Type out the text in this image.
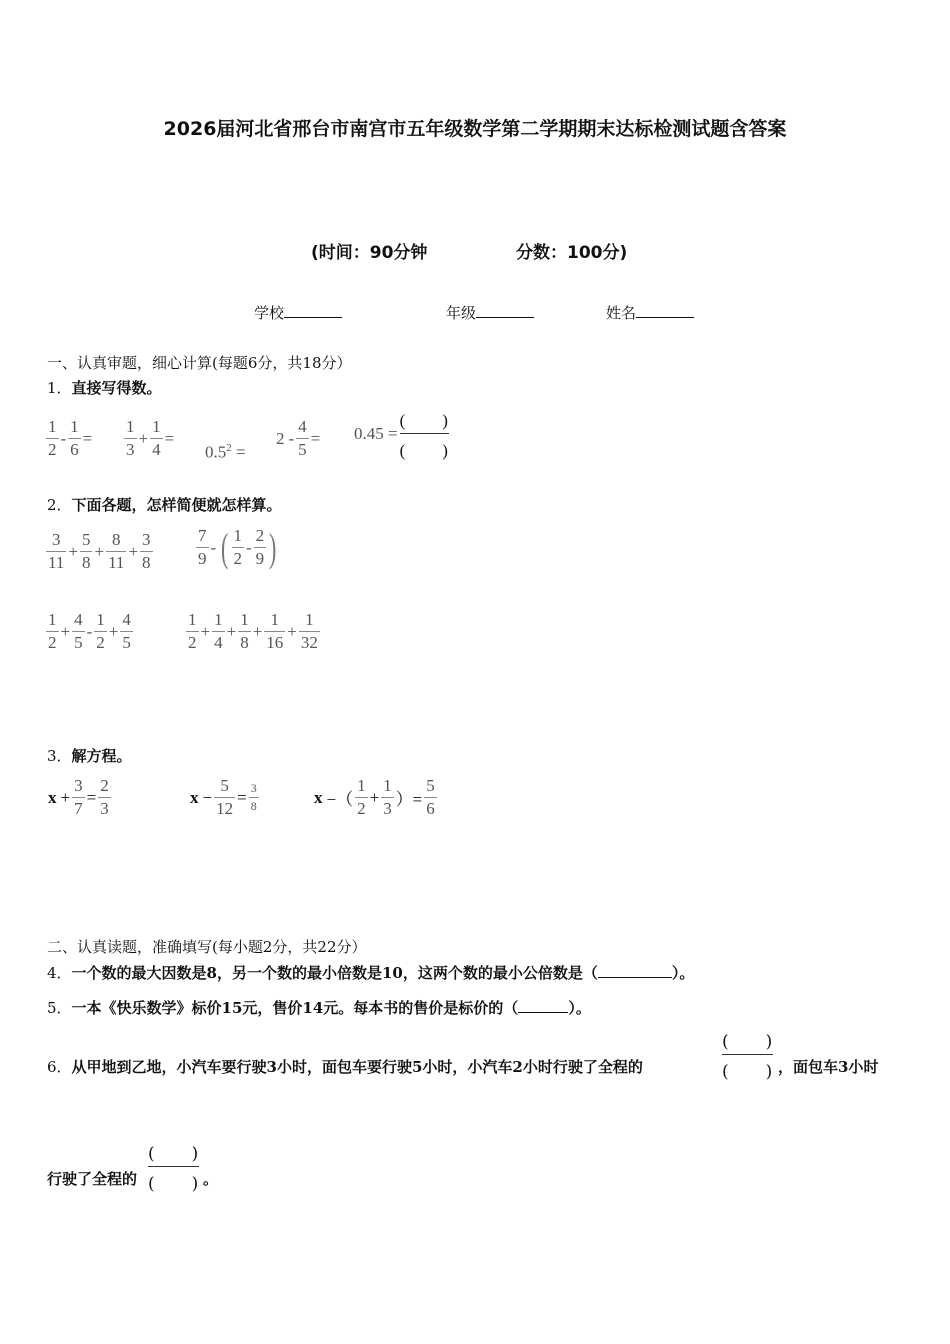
2026届河北省邢台市南宫市五年级数学第二学期期末达标检测试题含答案
(时间：90分钟	分数：100分)
学校	年级	姓名
一、认真审题，细心计算(每题6分，共18分）
1．直接写得数。
$\frac{1}{2} - \frac{1}{6} = \frac{1}{3} + \frac{1}{4}$ =
$0.5^2$ =
$2 - \frac{4}{5} = 0.45$ =
(　　)
(　　)
2．下面各题，怎样简便就怎样算。
$\frac{3}{11} + \frac{5}{8} + \frac{8}{11} + \frac{3}{8}$	$\frac{7}{9}$ - ( $\frac{1}{2} - \frac{2}{9}$ )
$\frac{1}{2} + \frac{4}{5} - \frac{1}{2} + \frac{4}{5}$	$\frac{1}{2} + \frac{1}{4} + \frac{1}{8} + \frac{1}{16} + \frac{1}{32}$
3．解方程。
$x + \frac{3}{7} = \frac{2}{3}$	$x - \frac{5}{12} = \frac{3}{8}$	x −（ $\frac{1}{2} + \frac{1}{3}$ ）= $\frac{5}{6}$
二、认真读题，准确填写(每小题2分，共22分）
4．一个数的最大因数是8，另一个数的最小倍数是10，这两个数的最小公倍数是（	）。
5．一本《快乐数学》标价15元，售价14元。每本书的售价是标价的（	）。
6．从甲地到乙地，小汽车要行驶3小时，面包车要行驶5小时，小汽车2小时行驶了全程的
(　　)
(　　) ，面包车3小时
行驶了全程的
(　　)
(　　) 。
